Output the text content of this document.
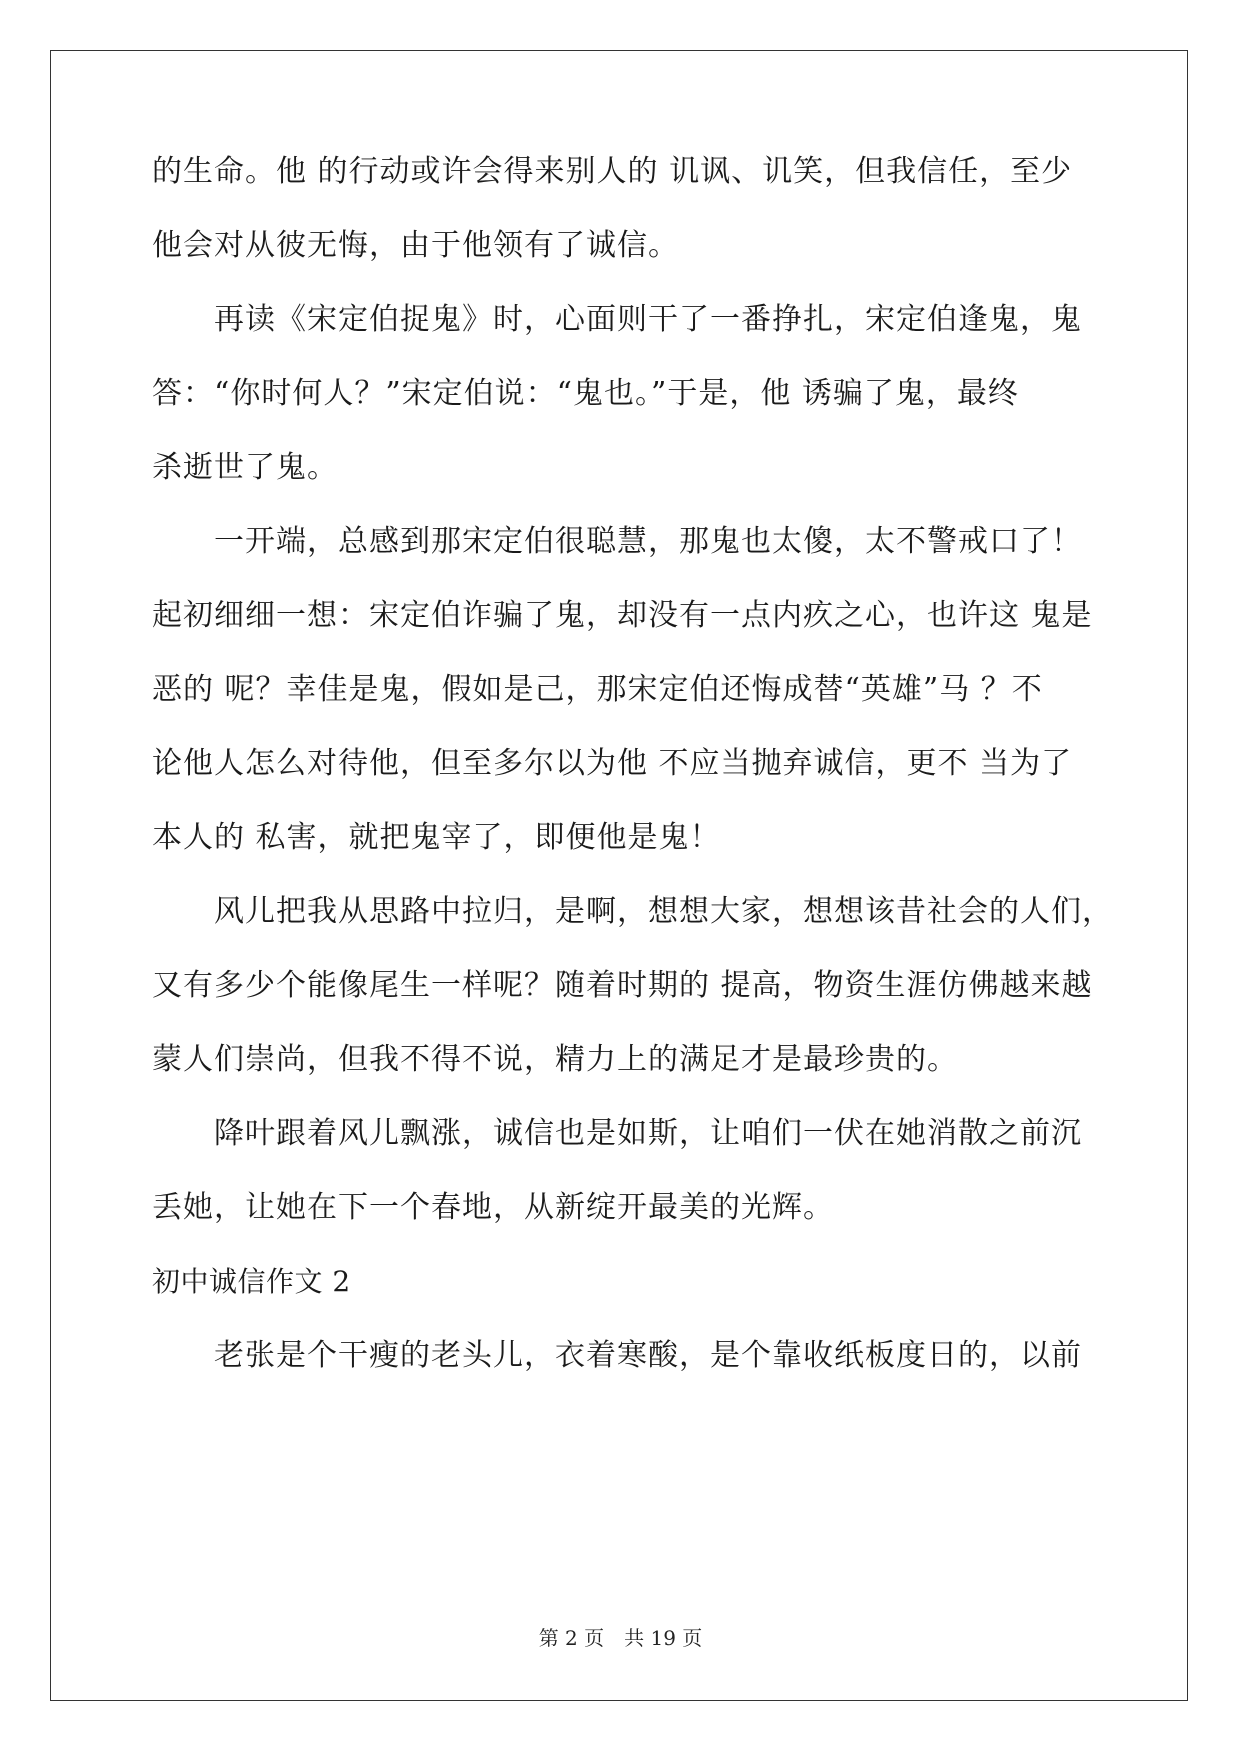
的生命。他 的行动或许会得来别人的 讥讽、讥笑，但我信任，至少
他会对从彼无悔，由于他领有了诚信。
再读《宋定伯捉鬼》时，心面则干了一番挣扎，宋定伯逢鬼，鬼
答：“你时何人？”宋定伯说：“鬼也。”于是，他 诱骗了鬼，最终
杀逝世了鬼。
一开端，总感到那宋定伯很聪慧，那鬼也太傻，太不警戒口了！
起初细细一想：宋定伯诈骗了鬼，却没有一点内疚之心，也许这 鬼是
恶的 呢？幸佳是鬼，假如是己，那宋定伯还悔成替“英雄”马 ？不
论他人怎么对待他，但至多尔以为他 不应当抛弃诚信，更不 当为了
本人的 私害，就把鬼宰了，即便他是鬼！
风儿把我从思路中拉归，是啊，想想大家，想想该昔社会的人们，
又有多少个能像尾生一样呢？随着时期的 提高，物资生涯仿佛越来越
蒙人们崇尚，但我不得不说，精力上的满足才是最珍贵的。
降叶跟着风儿飘涨，诚信也是如斯，让咱们一伏在她消散之前沉
丢她，让她在下一个春地，从新绽开最美的光辉。
初中诚信作文 2
老张是个干瘦的老头儿，衣着寒酸，是个靠收纸板度日的，以前
第 2 页　共 19 页
